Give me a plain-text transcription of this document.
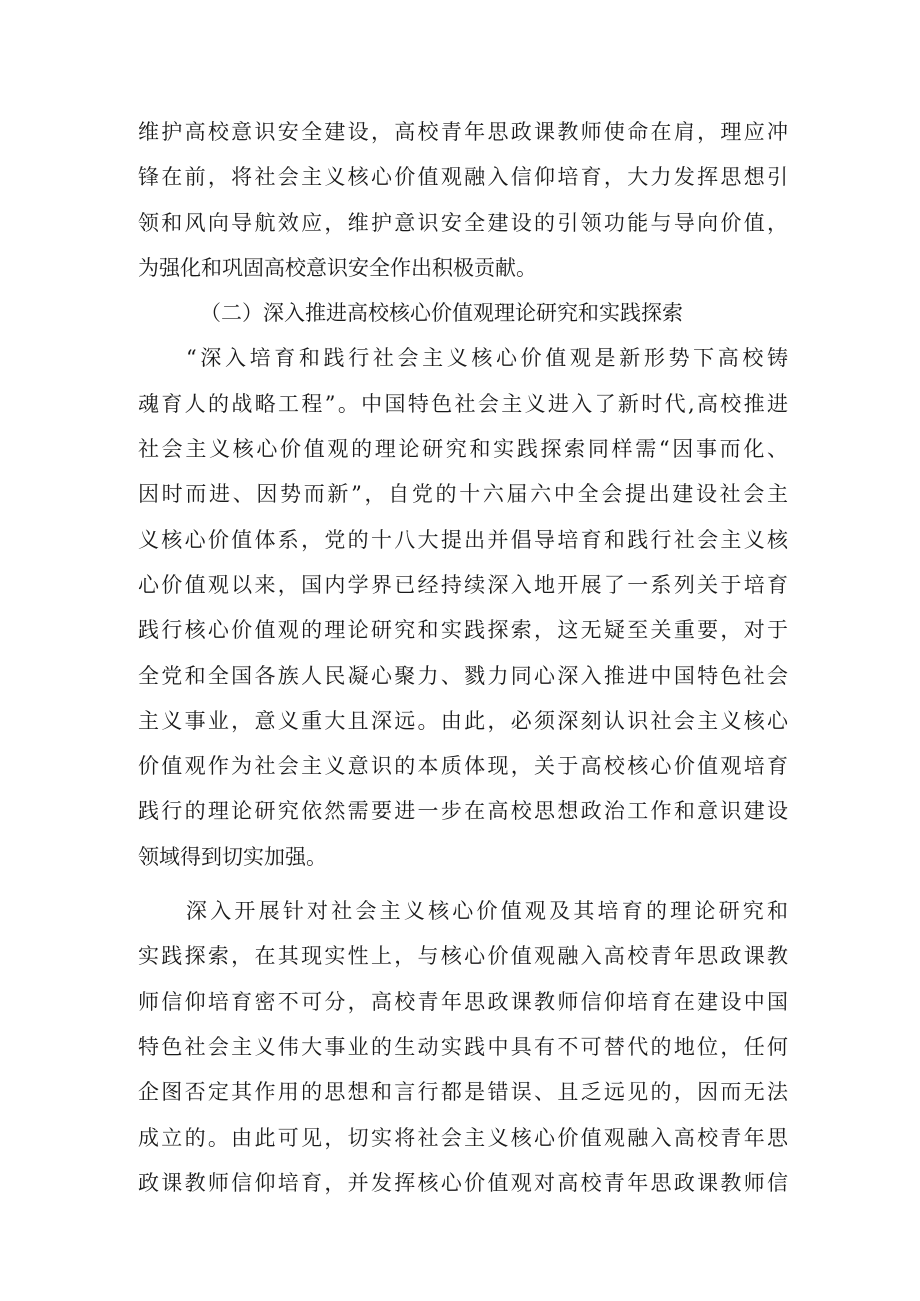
维护高校意识安全建设，高校青年思政课教师使命在肩，理应冲
锋在前，将社会主义核心价值观融入信仰培育，大力发挥思想引
领和风向导航效应，维护意识安全建设的引领功能与导向价值，
为强化和巩固高校意识安全作出积极贡献。
（二）深入推进高校核心价值观理论研究和实践探索
“深入培育和践行社会主义核心价值观是新形势下高校铸
魂育人的战略工程”。中国特色社会主义进入了新时代,高校推进
社会主义核心价值观的理论研究和实践探索同样需“因事而化、
因时而进、因势而新”，自党的十六届六中全会提出建设社会主
义核心价值体系，党的十八大提出并倡导培育和践行社会主义核
心价值观以来，国内学界已经持续深入地开展了一系列关于培育
践行核心价值观的理论研究和实践探索，这无疑至关重要，对于
全党和全国各族人民凝心聚力、戮力同心深入推进中国特色社会
主义事业，意义重大且深远。由此，必须深刻认识社会主义核心
价值观作为社会主义意识的本质体现，关于高校核心价值观培育
践行的理论研究依然需要进一步在高校思想政治工作和意识建设
领域得到切实加强。
深入开展针对社会主义核心价值观及其培育的理论研究和
实践探索，在其现实性上，与核心价值观融入高校青年思政课教
师信仰培育密不可分，高校青年思政课教师信仰培育在建设中国
特色社会主义伟大事业的生动实践中具有不可替代的地位，任何
企图否定其作用的思想和言行都是错误、且乏远见的，因而无法
成立的。由此可见，切实将社会主义核心价值观融入高校青年思
政课教师信仰培育，并发挥核心价值观对高校青年思政课教师信
